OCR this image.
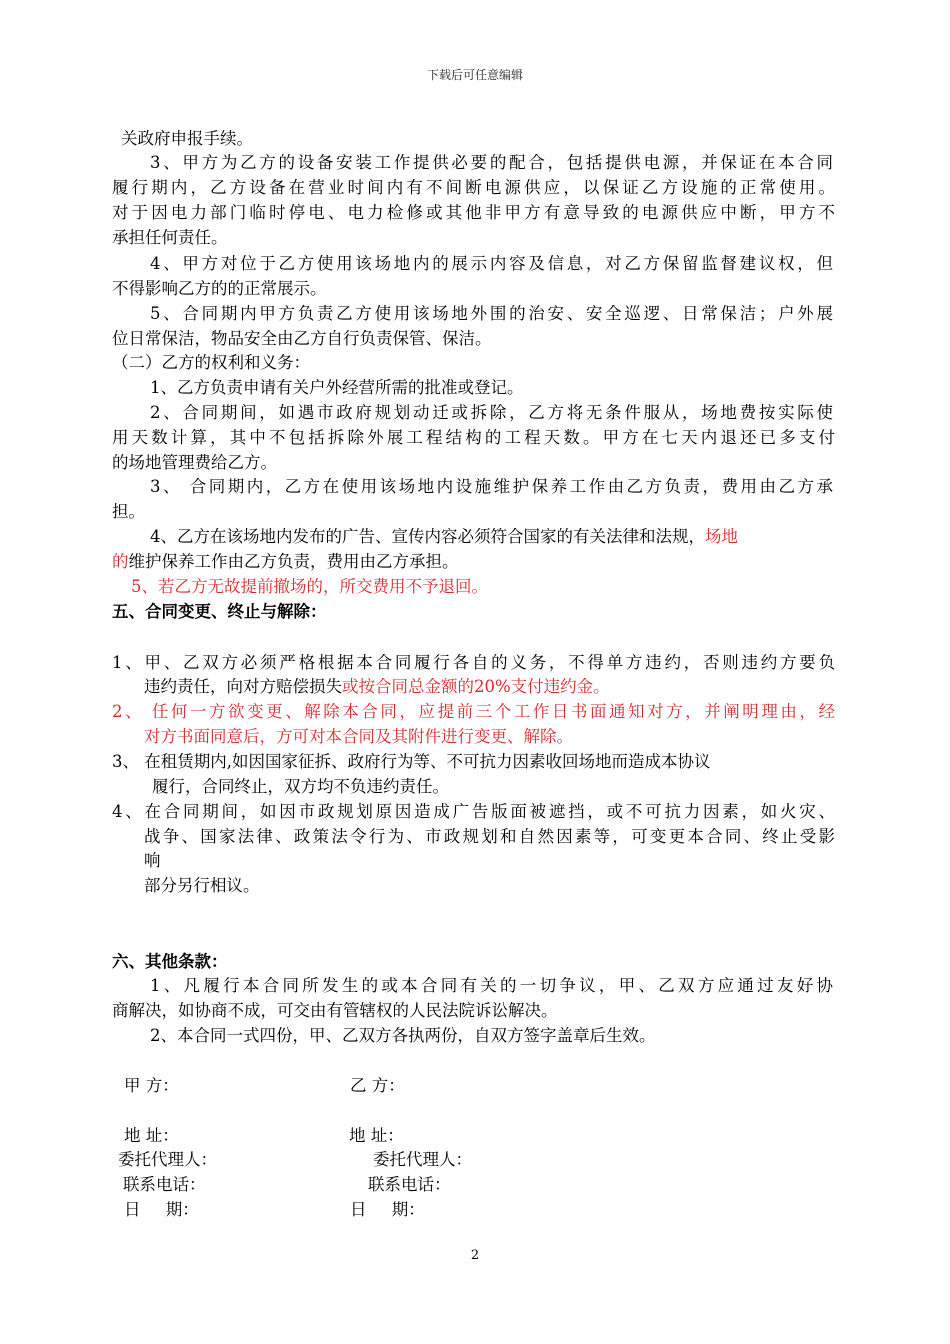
下载后可任意编辑
关政府申报手续。
3、甲方为乙方的设备安装工作提供必要的配合，包括提供电源，并保证在本合同
履行期内，乙方设备在营业时间内有不间断电源供应，以保证乙方设施的正常使用。
对于因电力部门临时停电、电力检修或其他非甲方有意导致的电源供应中断，甲方不
承担任何责任。
4、甲方对位于乙方使用该场地内的展示内容及信息，对乙方保留监督建议权，但
不得影响乙方的的正常展示。
5、合同期内甲方负责乙方使用该场地外围的治安、安全巡逻、日常保洁；户外展
位日常保洁，物品安全由乙方自行负责保管、保洁。
（二）乙方的权利和义务：
1、乙方负责申请有关户外经营所需的批准或登记。
2、合同期间，如遇市政府规划动迁或拆除，乙方将无条件服从，场地费按实际使
用天数计算，其中不包括拆除外展工程结构的工程天数。甲方在七天内退还已多支付
的场地管理费给乙方。
3、 合同期内，乙方在使用该场地内设施维护保养工作由乙方负责，费用由乙方承
担。
4、乙方在该场地内发布的广告、宣传内容必须符合国家的有关法律和法规，场地
的维护保养工作由乙方负责，费用由乙方承担。
5、若乙方无故提前撤场的，所交费用不予退回。
五、合同变更、终止与解除：
1、甲、乙双方必须严格根据本合同履行各自的义务，不得单方违约，否则违约方要负
违约责任，向对方赔偿损失或按合同总金额的20%支付违约金。
2、 任何一方欲变更、解除本合同，应提前三个工作日书面通知对方，并阐明理由，经
对方书面同意后，方可对本合同及其附件进行变更、解除。
3、 在租赁期内,如因国家征拆、政府行为等、不可抗力因素收回场地而造成本协议
履行，合同终止，双方均不负违约责任。
4、在合同期间，如因市政规划原因造成广告版面被遮挡，或不可抗力因素，如火灾、
战争、国家法律、政策法令行为、市政规划和自然因素等，可变更本合同、终止受影
响
部分另行相议。
六、其他条款：
1、凡履行本合同所发生的或本合同有关的一切争议，甲、乙双方应通过友好协
商解决，如协商不成，可交由有管辖权的人民法院诉讼解决。
2、本合同一式四份，甲、乙双方各执两份，自双方签字盖章后生效。
甲 方：	乙 方：
地 址：	地 址：
委托代理人：	委托代理人：
联系电话：	联系电话：
日 期：	日 期：
2
